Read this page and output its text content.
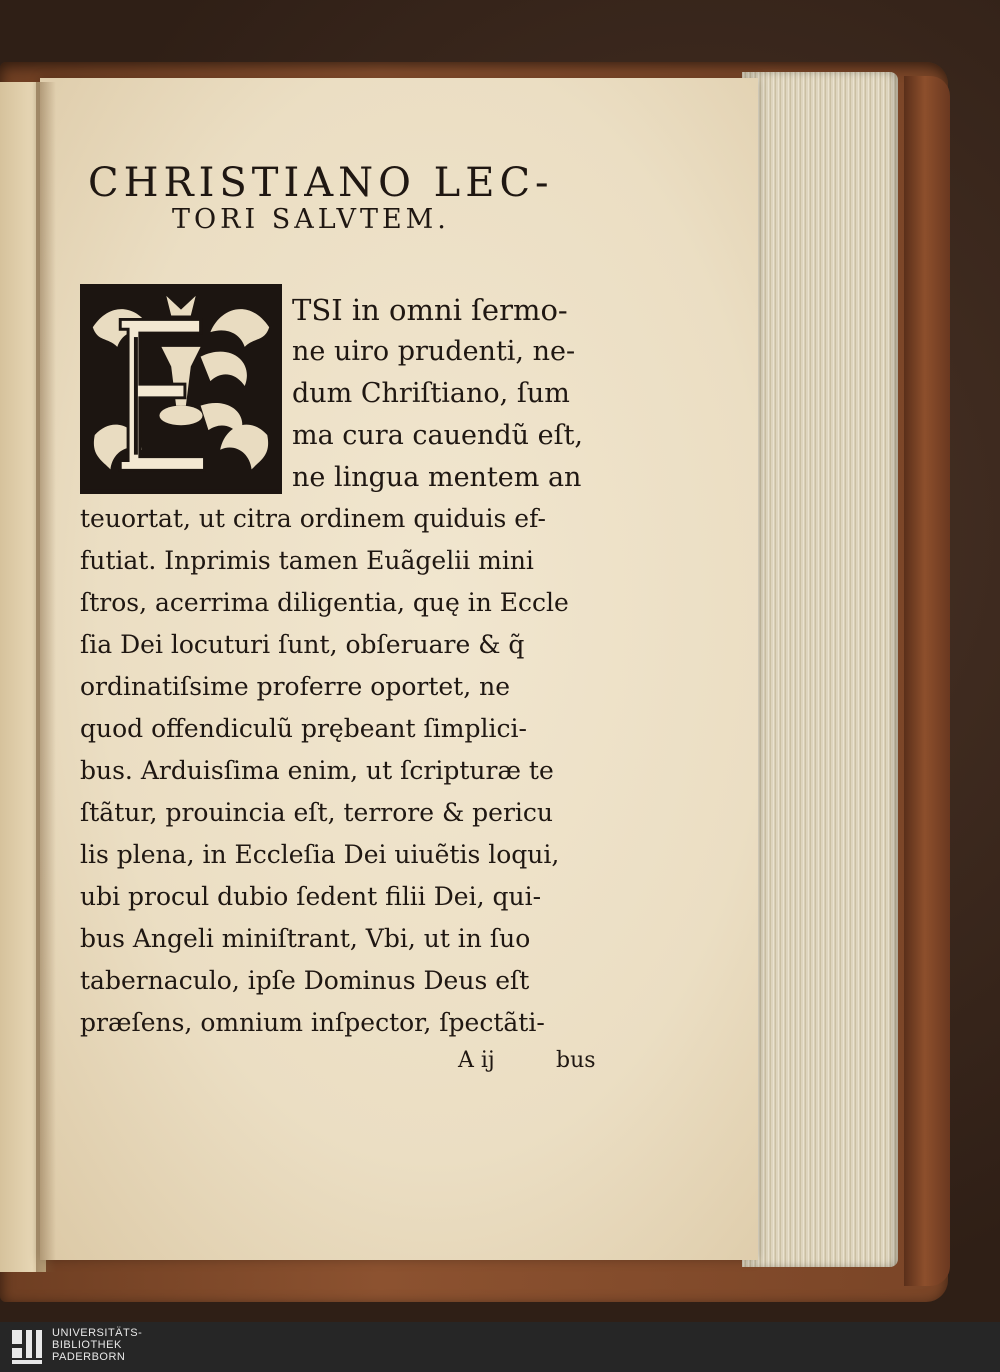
CHRISTIANO LEC-
TORI SALVTEM.
TSI in omni ſermo-
ne uiro prudenti, ne-
dum Chriſtiano, ſum
ma cura cauendũ eſt,
ne lingua mentem an
teuortat, ut citra ordinem quiduis ef-
futiat. Inprimis tamen Euãgelii mini
ſtros, acerrima diligentia, quę in Eccle
ſia Dei locuturi ſunt, obſeruare & q̃
ordinatiſsime proferre oportet, ne
quod offendiculũ prębeant ſimplici-
bus. Arduisſima enim, ut ſcripturæ te
ſtãtur, prouincia eſt, terrore & pericu
lis plena, in Eccleſia Dei uiuẽtis loqui,
ubi procul dubio ſedent filii Dei, qui-
bus Angeli miniſtrant, Vbi, ut in ſuo
tabernaculo, ipſe Dominus Deus eſt
præſens, omnium inſpector, ſpectãti-
A ij	bus
UNIVERSITÄTS-
BIBLIOTHEK
PADERBORN
